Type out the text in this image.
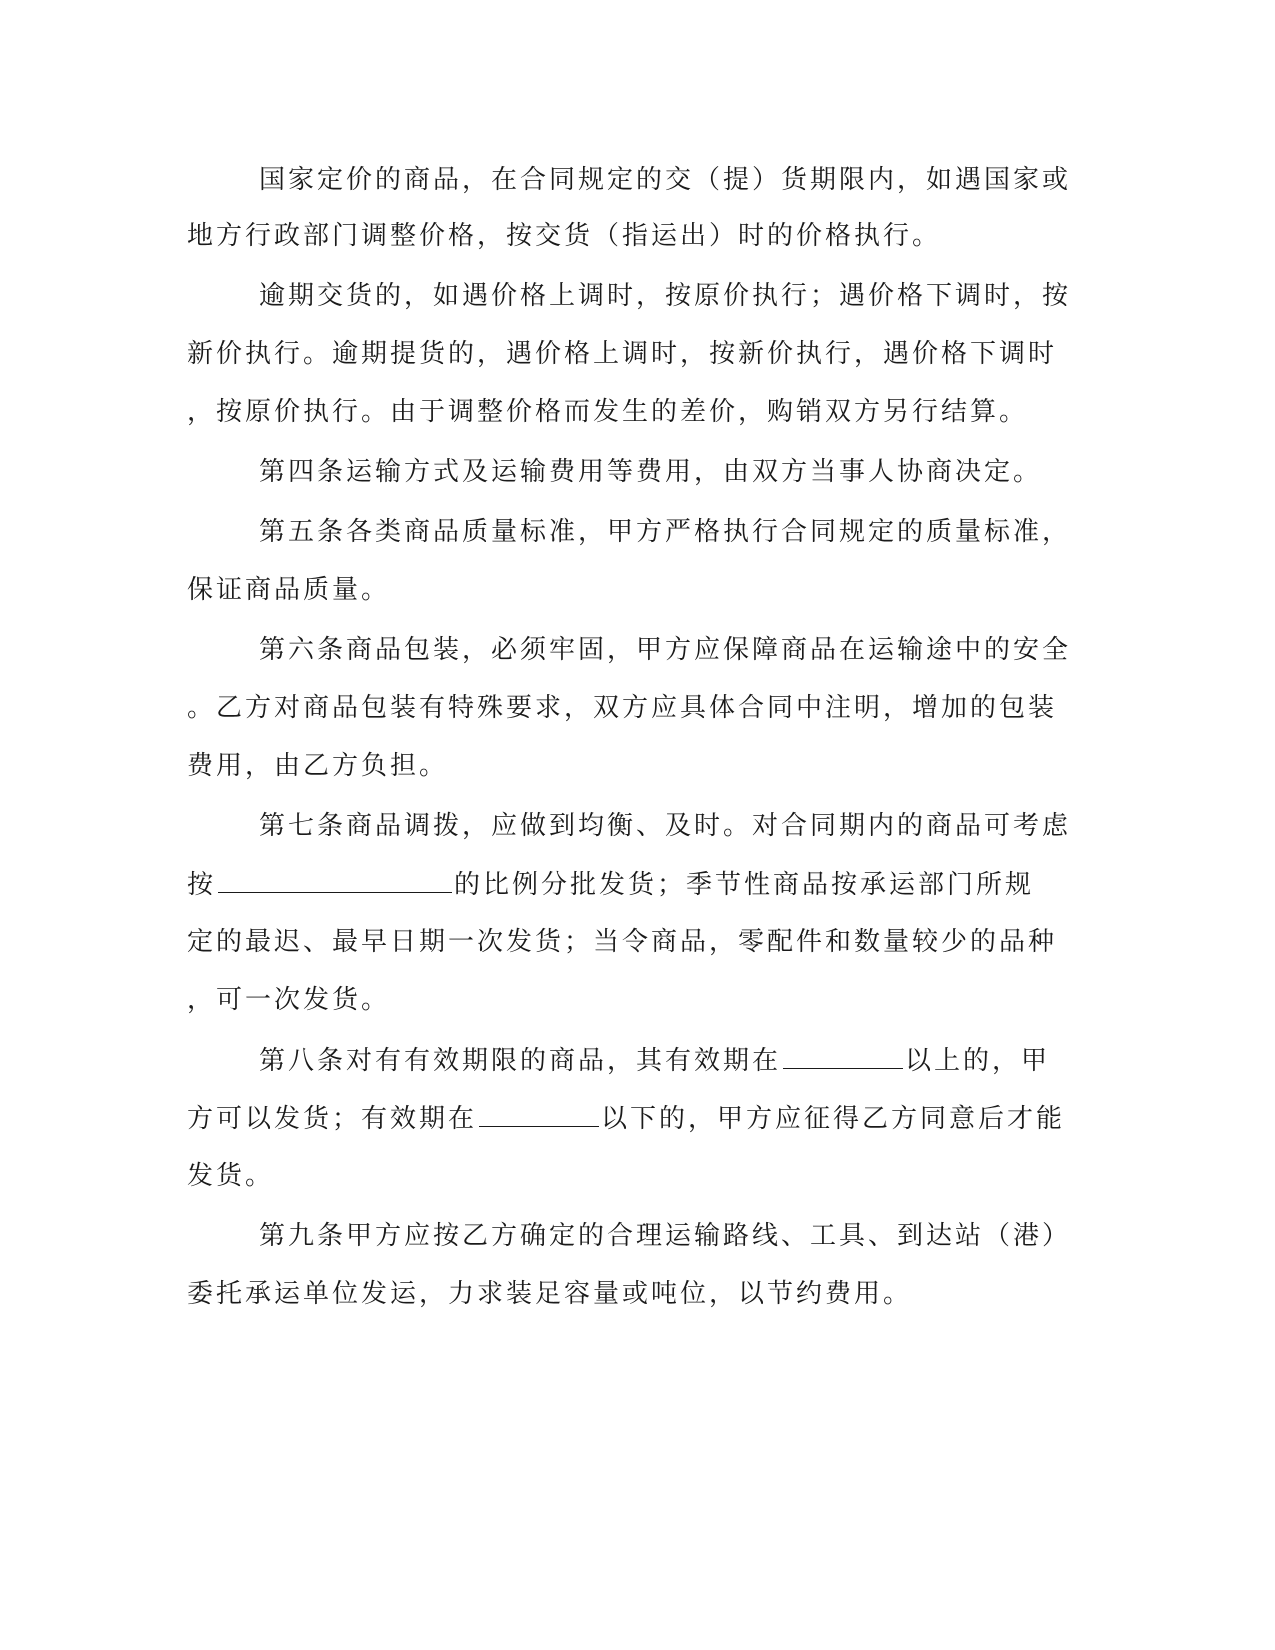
国家定价的商品，在合同规定的交（提）货期限内，如遇国家或
地方行政部门调整价格，按交货（指运出）时的价格执行。
逾期交货的，如遇价格上调时，按原价执行；遇价格下调时，按
新价执行。逾期提货的，遇价格上调时，按新价执行，遇价格下调时
，按原价执行。由于调整价格而发生的差价，购销双方另行结算。
第四条运输方式及运输费用等费用，由双方当事人协商决定。
第五条各类商品质量标准，甲方严格执行合同规定的质量标准，
保证商品质量。
第六条商品包装，必须牢固，甲方应保障商品在运输途中的安全
。乙方对商品包装有特殊要求，双方应具体合同中注明，增加的包装
费用，由乙方负担。
第七条商品调拨，应做到均衡、及时。对合同期内的商品可考虑
按	的比例分批发货；季节性商品按承运部门所规
定的最迟、最早日期一次发货；当令商品，零配件和数量较少的品种
，可一次发货。
第八条对有有效期限的商品，其有效期在	以上的，甲
方可以发货；有效期在	以下的，甲方应征得乙方同意后才能
发货。
第九条甲方应按乙方确定的合理运输路线、工具、到达站（港）
委托承运单位发运，力求装足容量或吨位，以节约费用。
